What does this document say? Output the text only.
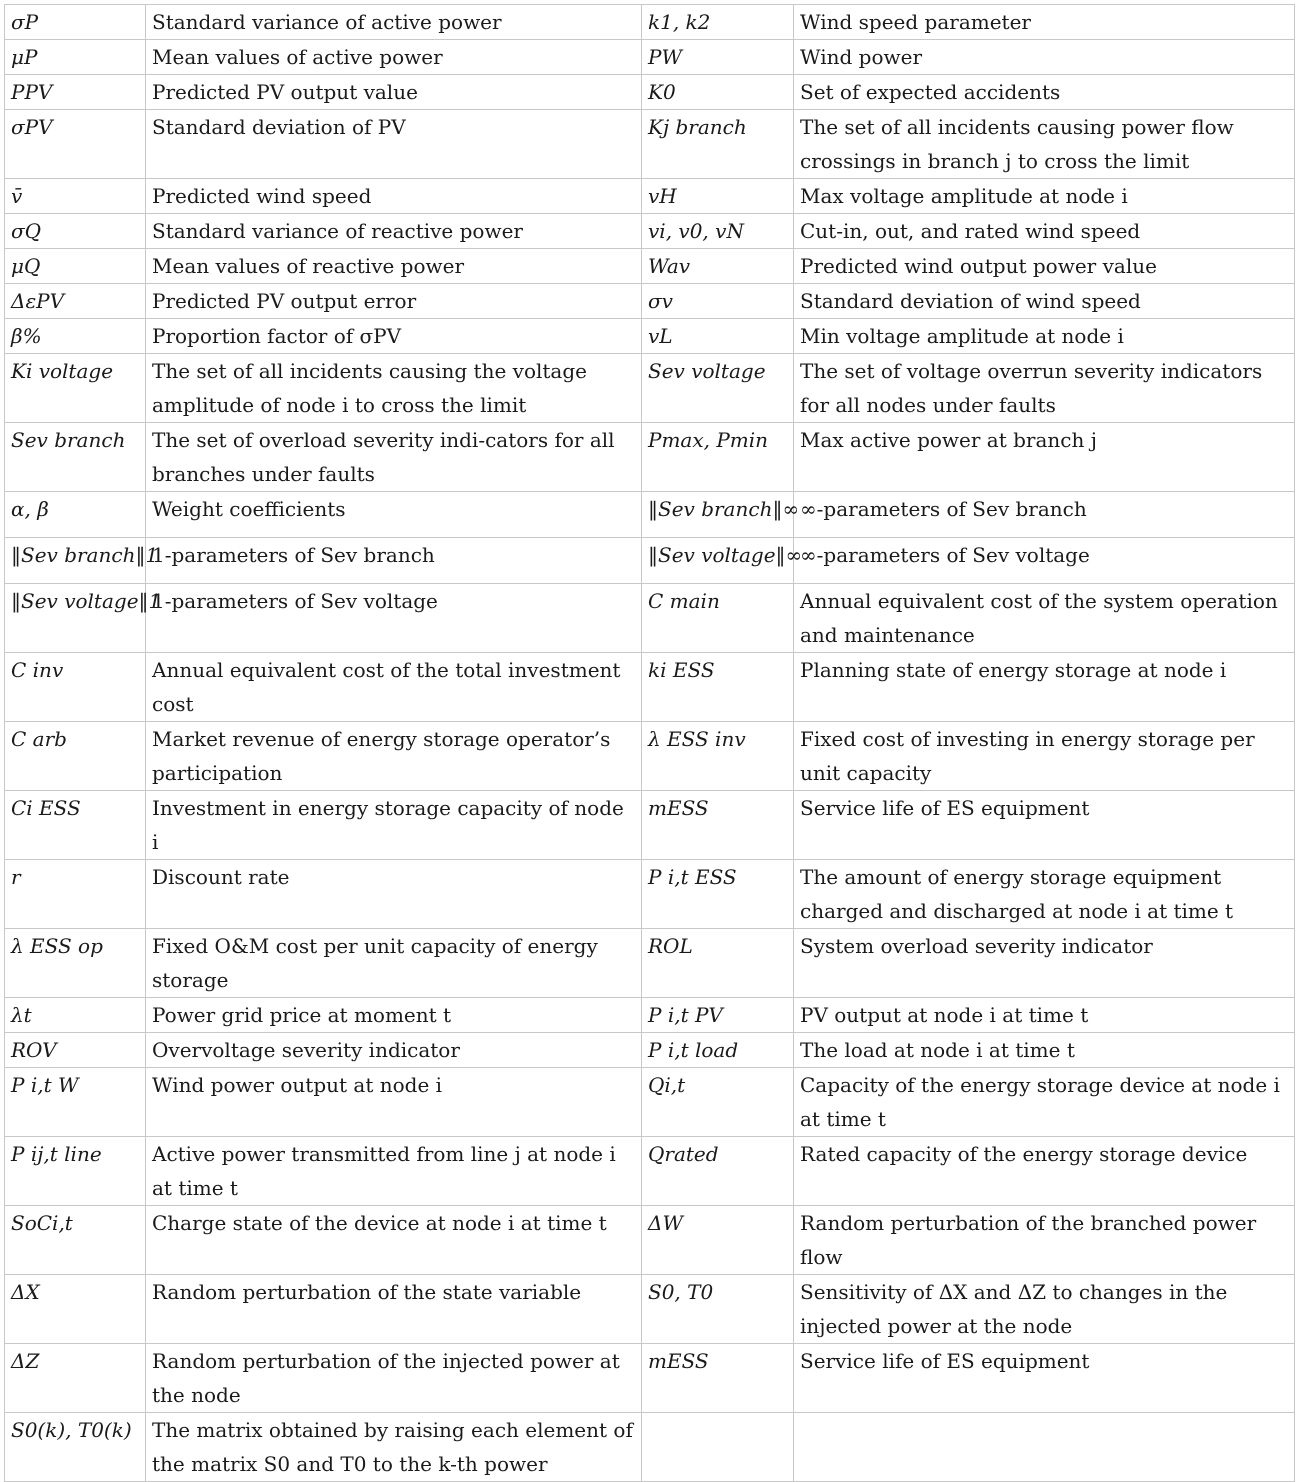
σP	Standard variance of active power	k1, k2	Wind speed parameter
μP	Mean values of active power	PW	Wind power
PPV	Predicted PV output value	K0	Set of expected accidents
σPV	Standard deviation of PV	Kj branch	The set of all incidents causing power flow crossings in branch j to cross the limit
v̄	Predicted wind speed	vH	Max voltage amplitude at node i
σQ	Standard variance of reactive power	vi, v0, vN	Cut-in, out, and rated wind speed
μQ	Mean values of reactive power	Wav	Predicted wind output power value
ΔεPV	Predicted PV output error	σv	Standard deviation of wind speed
β%	Proportion factor of σPV	vL	Min voltage amplitude at node i
Ki voltage	The set of all incidents causing the voltage amplitude of node i to cross the limit	Sev voltage	The set of voltage overrun severity indicators for all nodes under faults
Sev branch	The set of overload severity indi-cators for all branches under faults	Pmax, Pmin	Max active power at branch j
α, β	Weight coefficients	‖Sev branch‖∞	∞-parameters of Sev branch
‖Sev branch‖1	1-parameters of Sev branch	‖Sev voltage‖∞	∞-parameters of Sev voltage
‖Sev voltage‖1	1-parameters of Sev voltage	C main	Annual equivalent cost of the system operation and maintenance
C inv	Annual equivalent cost of the total investment cost	ki ESS	Planning state of energy storage at node i
C arb	Market revenue of energy storage operator’s participation	λ ESS inv	Fixed cost of investing in energy storage per unit capacity
Ci ESS	Investment in energy storage capacity of node i	mESS	Service life of ES equipment
r	Discount rate	P i,t ESS	The amount of energy storage equipment charged and discharged at node i at time t
λ ESS op	Fixed O&M cost per unit capacity of energy storage	ROL	System overload severity indicator
λt	Power grid price at moment t	P i,t PV	PV output at node i at time t
ROV	Overvoltage severity indicator	P i,t load	The load at node i at time t
P i,t W	Wind power output at node i	Qi,t	Capacity of the energy storage device at node i at time t
P ij,t line	Active power transmitted from line j at node i at time t	Qrated	Rated capacity of the energy storage device
SoCi,t	Charge state of the device at node i at time t	ΔW	Random perturbation of the branched power flow
ΔX	Random perturbation of the state variable	S0, T0	Sensitivity of ΔX and ΔZ to changes in the injected power at the node
ΔZ	Random perturbation of the injected power at the node	mESS	Service life of ES equipment
S0(k), T0(k)	The matrix obtained by raising each element of the matrix S0 and T0 to the k-th power		
